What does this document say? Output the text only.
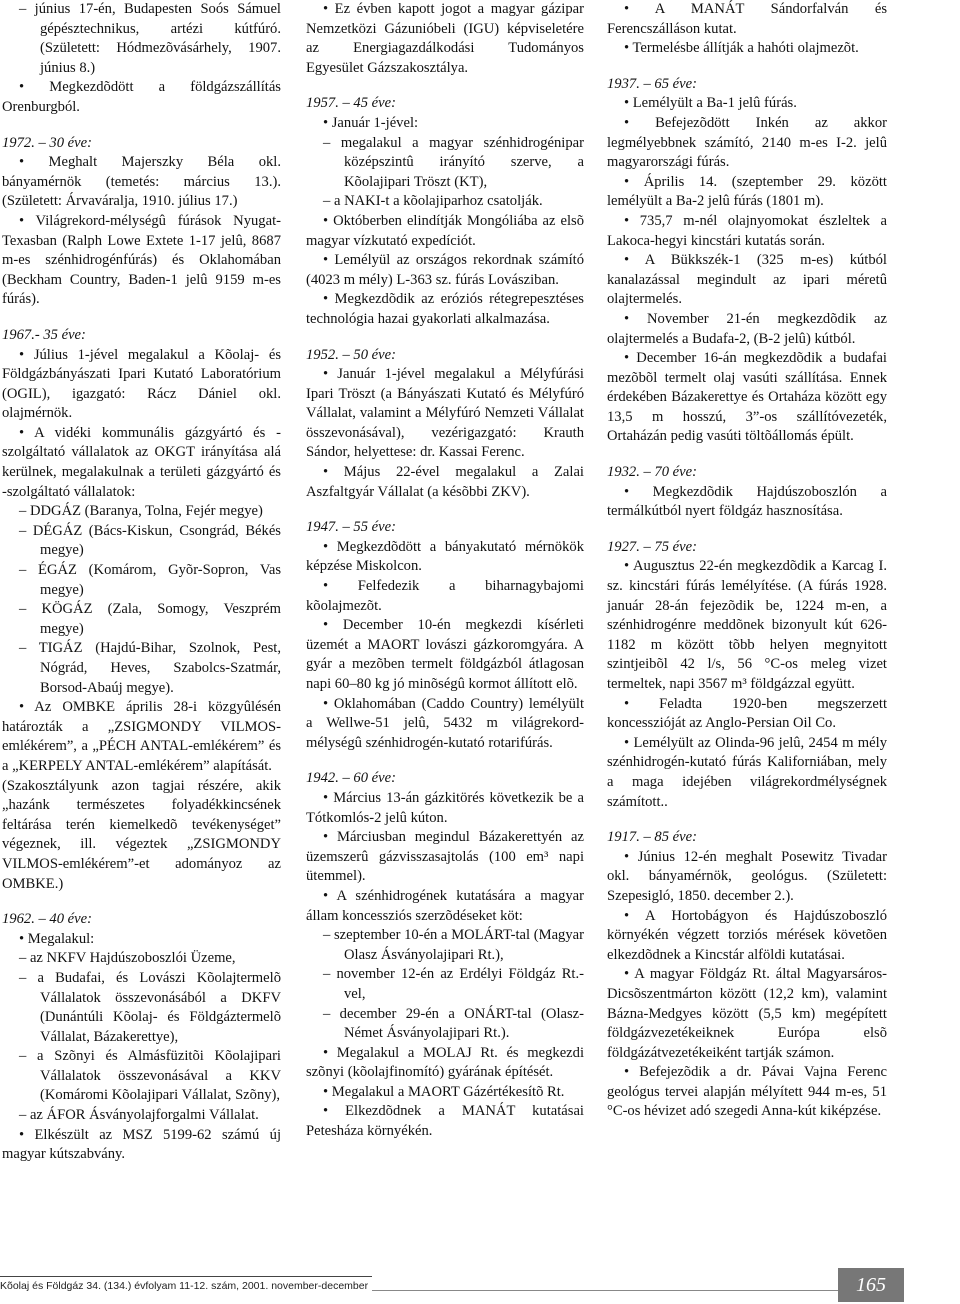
– június 17-én, Budapesten Soós Sámuel gépésztechnikus, artézi kútfúró. (Született: Hódmezõvásárhely, 1907. június 8.)

• Megkezdõdött a földgázszállítás Orenburgból.

1972. – 30 éve:

• Meghalt Majerszky Béla okl. bányamérnök (temetés: március 13.). (Született: Árvaváralja, 1910. július 17.)

• Világrekord-mélységû fúrások Nyugat-Texasban (Ralph Lowe Extete 1-17 jelû, 8687 m-es szénhidrogénfúrás) és Oklahomában (Beckham Country, Baden-1 jelû 9159 m-es fúrás).

1967.- 35 éve:

• Július 1-jével megalakul a Kõolaj- és Földgázbányászati Ipari Kutató Laboratórium (OGIL), igazgató: Rácz Dániel okl. olajmérnök.

• A vidéki kommunális gázgyártó és -szolgáltató vállalatok az OKGT irányítása alá kerülnek, megalakulnak a területi gázgyártó és -szolgáltató vállalatok:

– DDGÁZ (Baranya, Tolna, Fejér megye)

– DÉGÁZ (Bács-Kiskun, Csongrád, Békés megye)

– ÉGÁZ (Komárom, Gyõr-Sopron, Vas megye)

– KÖGÁZ (Zala, Somogy, Veszprém megye)

– TIGÁZ (Hajdú-Bihar, Szolnok, Pest, Nógrád, Heves, Szabolcs-Szatmár, Borsod-Abaúj megye).

• Az OMBKE április 28-i közgyûlésén határozták a „ZSIGMONDY VILMOS-emlékérem”, a „PÉCH ANTAL-emlékérem” és a „KERPELY ANTAL-emlékérem” alapítását.

(Szakosztályunk azon tagjai részére, akik „hazánk természetes folyadékkincsének feltárása terén kiemelkedõ tevékenységet” végeznek, ill. végeztek „ZSIGMONDY VILMOS-emlékérem”-et adományoz az OMBKE.)

1962. – 40 éve:

• Megalakul:

– az NKFV Hajdúszoboszlói Üzeme,

– a Budafai, és Lovászi Kõolajtermelõ Vállalatok összevonásából a DKFV (Dunántúli Kõolaj- és Földgáztermelõ Vállalat, Bázakerettye),

– a Szõnyi és Almásfüzitõi Kõolajipari Vállalatok összevonásával a KKV (Komáromi Kõolajipari Vállalat, Szõny),

– az ÁFOR Ásványolajforgalmi Vállalat.

• Elkészült az MSZ 5199-62 számú új magyar kútszabvány.

• Ez évben kapott jogot a magyar gázipar Nemzetközi Gázunióbeli (IGU) képviseletére az Energiagazdálkodási Tudományos Egyesület Gázszakosztálya.

1957. – 45 éve:

• Január 1-jével:

– megalakul a magyar szénhidrogénipar középszintû irányító szerve, a Kõolajipari Tröszt (KT),

– a NAKI-t a kõolajiparhoz csatolják.

• Októberben elindítják Mongóliába az elsõ magyar vízkutató expedíciót.

• Lemélyül az országos rekordnak számító (4023 m mély) L-363 sz. fúrás Lovásziban.

• Megkezdõdik az eróziós rétegrepesztéses technológia hazai gyakorlati alkalmazása.

1952. – 50 éve:

• Január 1-jével megalakul a Mélyfúrási Ipari Tröszt (a Bányászati Kutató és Mélyfúró Vállalat, valamint a Mélyfúró Nemzeti Vállalat összevonásával), vezérigazgató: Krauth Sándor, helyettese: dr. Kassai Ferenc.

• Május 22-ével megalakul a Zalai Aszfaltgyár Vállalat (a késõbbi ZKV).

1947. – 55 éve:

• Megkezdõdött a bányakutató mérnökök képzése Miskolcon.

• Felfedezik a biharnagybajomi kõolajmezõt.

• December 10-én megkezdi kísérleti üzemét a MAORT lovászi gázkoromgyára. A gyár a mezõben termelt földgázból átlagosan napi 60–80 kg jó minõségû kormot állított elõ.

• Oklahomában (Caddo Country) lemélyült a Wellwe-51 jelû, 5432 m világrekord-mélységû szénhidrogén-kutató rotarifúrás.

1942. – 60 éve:

• Március 13-án gázkitörés következik be a Tótkomlós-2 jelû kúton.

• Márciusban megindul Bázakerettyén az üzemszerû gázvisszasajtolás (100 em³ napi ütemmel).

• A szénhidrogének kutatására a magyar állam koncessziós szerzõdéseket köt:

– szeptember 10-én a MOLÁRT-tal (Magyar Olasz Ásványolajipari Rt.),

– november 12-én az Erdélyi Földgáz Rt.-vel,

– december 29-én a ONÁRT-tal (Olasz-Német Ásványolajipari Rt.).

• Megalakul a MOLAJ Rt. és megkezdi szõnyi (kõolajfinomító) gyárának építését.

• Megalakul a MAORT Gázértékesítõ Rt.

• Elkezdõdnek a MANÁT kutatásai Petesháza környékén.

• A MANÁT Sándorfalván és Ferencszálláson kutat.

• Termelésbe állítják a hahóti olajmezõt.

1937. – 65 éve:

• Lemélyült a Ba-1 jelû fúrás.

• Befejezõdött Inkén az akkor legmélyebbnek számító, 2140 m-es I-2. jelû magyarországi fúrás.

• Április 14. (szeptember 29. között lemélyült a Ba-2 jelû fúrás (1801 m).

• 735,7 m-nél olajnyomokat észleltek a Lakoca-hegyi kincstári kutatás során.

• A Bükkszék-1 (325 m-es) kútból kanalazással megindult az ipari méretû olajtermelés.

• November 21-én megkezdõdik az olajtermelés a Budafa-2, (B-2 jelû) kútból.

• December 16-án megkezdõdik a budafai mezõbõl termelt olaj vasúti szállítása. Ennek érdekében Bázakerettye és Ortaháza között egy 13,5 m hosszú, 3”-os szállítóvezeték, Ortaházán pedig vasúti töltõállomás épült.

1932. – 70 éve:

• Megkezdõdik Hajdúszoboszlón a termálkútból nyert földgáz hasznosítása.

1927. – 75 éve:

• Augusztus 22-én megkezdõdik a Karcag I. sz. kincstári fúrás lemélyítése. (A fúrás 1928. január 28-án fejezõdik be, 1224 m-en, a szénhidrogénre meddõnek bizonyult kút 626-1182 m között tõbb helyen megnyitott szintjeibõl 42 l/s, 56 °C-os meleg vizet termeltek, napi 3567 m³ földgázzal együtt.

• Feladta 1920-ben megszerzett koncesszióját az Anglo-Persian Oil Co.

• Lemélyült az Olinda-96 jelû, 2454 m mély szénhidrogén-kutató fúrás Kaliforniában, mely a maga idejében világrekordmélységnek számított..

1917. – 85 éve:

• Június 12-én meghalt Posewitz Tivadar okl. bányamérnök, geológus. (Született: Szepesigló, 1850. december 2.).

• A Hortobágyon és Hajdúszoboszló környékén végzett torziós mérések követõen elkezdõdnek a Kincstár alföldi kutatásai.

• A magyar Földgáz Rt. által Magyarsáros-Dicsõszentmárton között (12,2 km), valamint Bázna-Medgyes között (5,5 km) megépített földgázvezetékeiknek Európa elsõ földgázátvezetékeiként tartják számon.

• Befejezõdik a dr. Pávai Vajna Ferenc geológus tervei alapján mélyített 944 m-es, 51 °C-os hévizet adó szegedi Anna-kút kiképzése.

Kõolaj és Földgáz 34. (134.) évfolyam 11-12. szám, 2001. november-december	165
